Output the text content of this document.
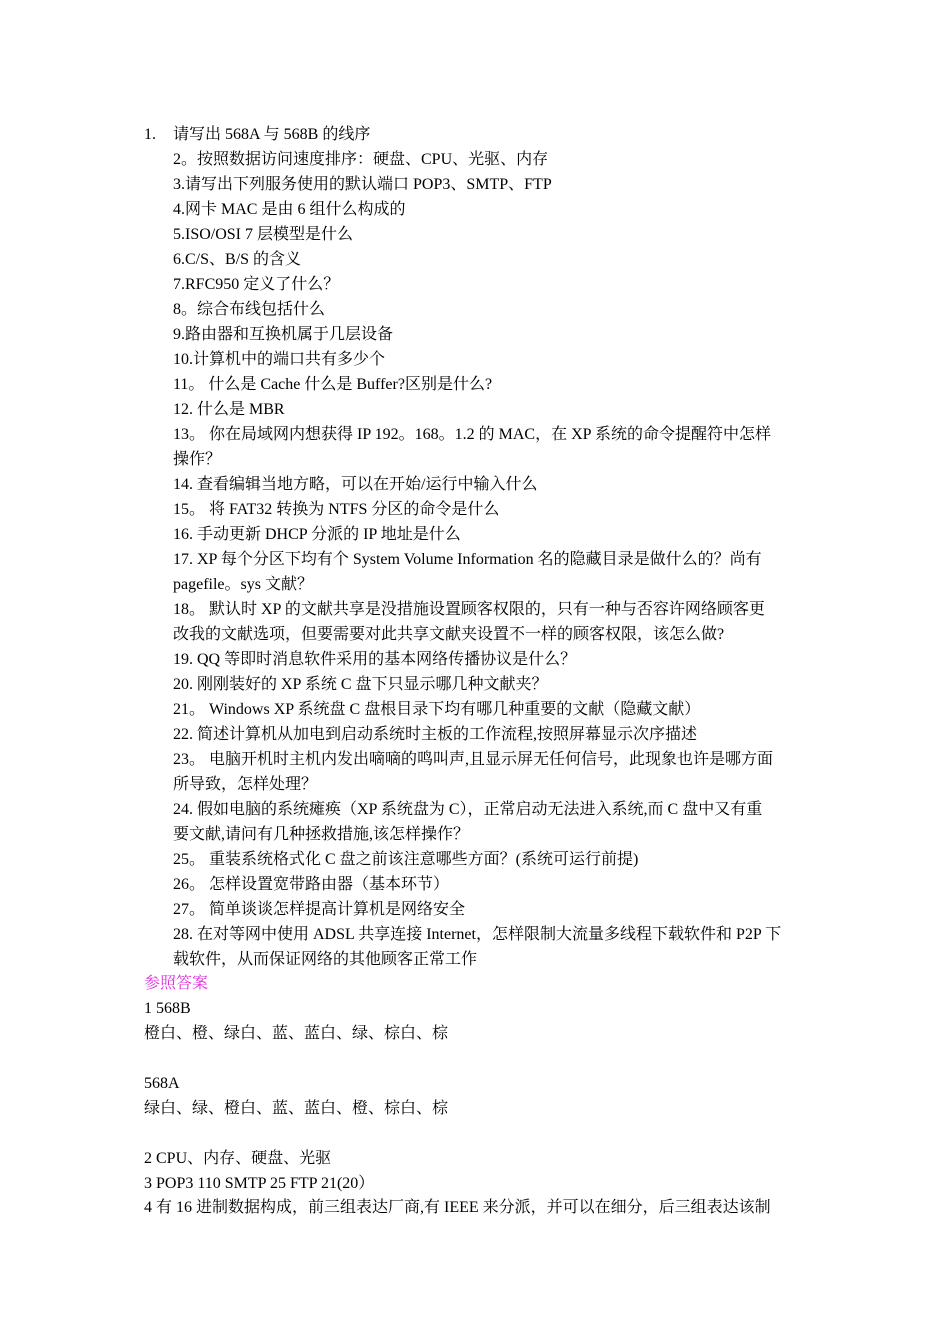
1. 请写出 568A 与 568B 的线序
2。按照数据访问速度排序：硬盘、CPU、光驱、内存
3.请写出下列服务使用的默认端口 POP3、SMTP、FTP
4.网卡 MAC 是由 6 组什么构成的
5.ISO/OSI 7 层模型是什么
6.C/S、B/S 的含义
7.RFC950 定义了什么？
8。综合布线包括什么
9.路由器和互换机属于几层设备
10.计算机中的端口共有多少个
11。 什么是 Cache 什么是 Buffer?区别是什么?
12. 什么是 MBR
13。 你在局域网内想获得 IP 192。168。1.2 的 MAC，在 XP 系统的命令提醒符中怎样
操作？
14. 查看编辑当地方略，可以在开始/运行中输入什么
15。 将 FAT32 转换为 NTFS 分区的命令是什么
16. 手动更新 DHCP 分派的 IP 地址是什么
17. XP 每个分区下均有个 System Volume Information 名的隐藏目录是做什么的？尚有
pagefile。sys 文献？
18。 默认时 XP 的文献共享是没措施设置顾客权限的，只有一种与否容许网络顾客更
改我的文献选项，但要需要对此共享文献夹设置不一样的顾客权限，该怎么做?
19. QQ 等即时消息软件采用的基本网络传播协议是什么？
20. 刚刚装好的 XP 系统 C 盘下只显示哪几种文献夹？
21。 Windows XP 系统盘 C 盘根目录下均有哪几种重要的文献（隐藏文献）
22. 简述计算机从加电到启动系统时主板的工作流程,按照屏幕显示次序描述
23。 电脑开机时主机内发出嘀嘀的鸣叫声,且显示屏无任何信号，此现象也许是哪方面
所导致，怎样处理？
24. 假如电脑的系统瘫痪（XP 系统盘为 C），正常启动无法进入系统,而 C 盘中又有重
要文献,请问有几种拯救措施,该怎样操作？
25。 重装系统格式化 C 盘之前该注意哪些方面？(系统可运行前提)
26。 怎样设置宽带路由器（基本环节）
27。 简单谈谈怎样提高计算机是网络安全
28. 在对等网中使用 ADSL 共享连接 Internet，怎样限制大流量多线程下载软件和 P2P 下
载软件，从而保证网络的其他顾客正常工作
参照答案
1 568B
橙白、橙、绿白、蓝、蓝白、绿、棕白、棕
568A
绿白、绿、橙白、蓝、蓝白、橙、棕白、棕
2 CPU、内存、硬盘、光驱
3 POP3 110 SMTP 25 FTP 21(20）
4 有 16 进制数据构成，前三组表达厂商,有 IEEE 来分派，并可以在细分，后三组表达该制
